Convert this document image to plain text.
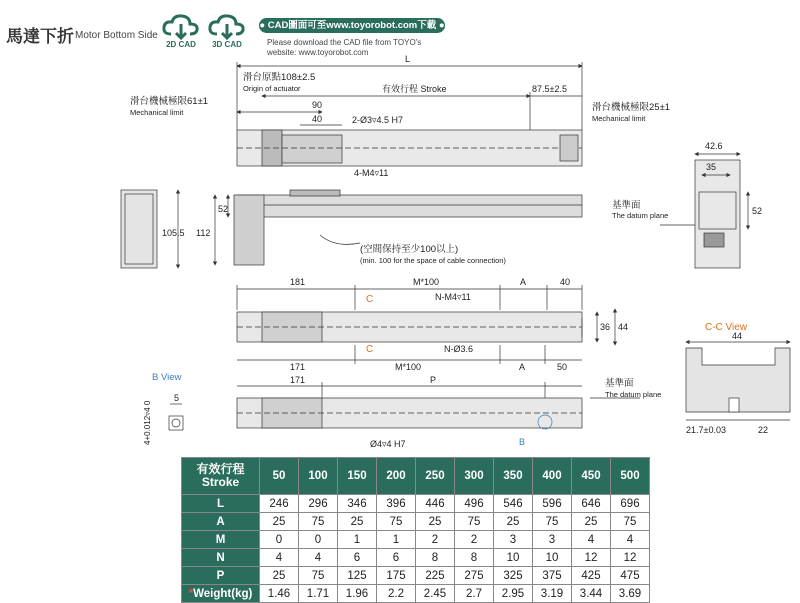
馬達下折 Motor Bottom Side
2D CAD	3D CAD
● CAD圖面可至www.toyorobot.com下載 ●
Please download the CAD file from TOYO's
website: www.toyorobot.com
C
C
L
滑台原點108±2.5
Origin of actuator	有效行程 Stroke	87.5±2.5
滑台機械極限61±1
Mechanical limit	滑台機械極限25±1
Mechanical limit
90
40	2-Ø3▿4.5 H7
4-M4▿11
42.6
35
基準面
The datum plane	52
52
105.5 112
(空間保持至少100以上)
(min. 100 for the space of cable connection)
181	M*100	A	40
N-M4▿11
36 44
N-Ø3.6
171	M*100	A	50
C-C View
44
21.7±0.03	22
B View
5
4+0.012▿4 0
171	P	基準面
The datum plane
Ø4▿4 H7	B
有效行程
Stroke	50	100	150	200	250	300	350	400	450	500
L	246	296	346	396	446	496	546	596	646	696
A	25	75	25	75	25	75	25	75	25	75
M	0	0	1	1	2	2	3	3	4	4
N	4	4	6	6	8	8	10	10	12	12
P	25	75	125	175	225	275	325	375	425	475
*Weight(kg)	1.46	1.71	1.96	2.2	2.45	2.7	2.95	3.19	3.44	3.69
